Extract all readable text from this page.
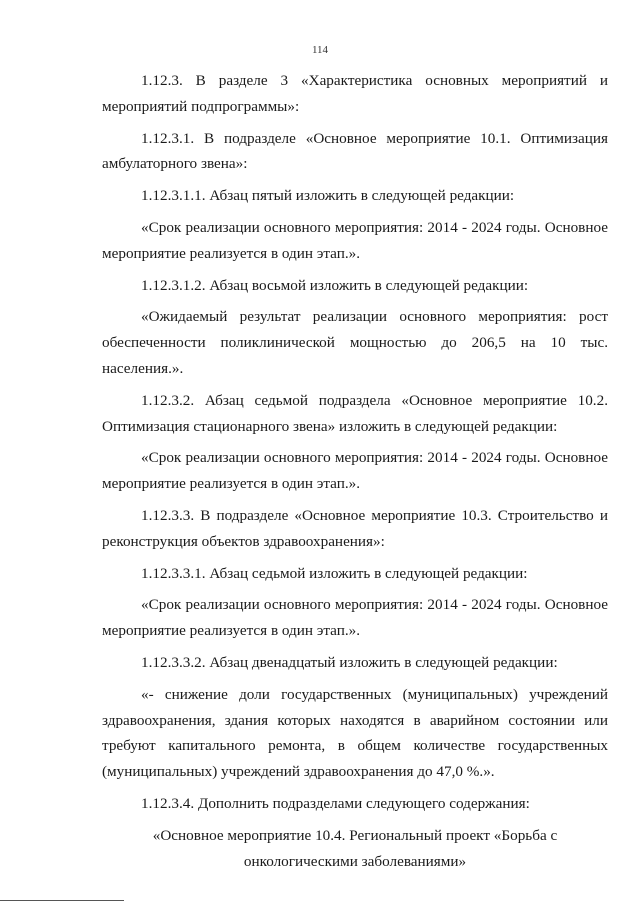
114

1.12.3. В разделе 3 «Характеристика основных мероприятий и мероприятий подпрограммы»:

1.12.3.1. В подразделе «Основное мероприятие 10.1. Оптимизация амбулаторного звена»:

1.12.3.1.1. Абзац пятый изложить в следующей редакции:

«Срок реализации основного мероприятия: 2014 - 2024 годы. Основное мероприятие реализуется в один этап.».

1.12.3.1.2. Абзац восьмой изложить в следующей редакции:

«Ожидаемый результат реализации основного мероприятия: рост обеспеченности поликлинической мощностью до 206,5 на 10 тыс. населения.».

1.12.3.2. Абзац седьмой подраздела «Основное мероприятие 10.2. Оптимизация стационарного звена» изложить в следующей редакции:

«Срок реализации основного мероприятия: 2014 - 2024 годы. Основное мероприятие реализуется в один этап.».

1.12.3.3. В подразделе «Основное мероприятие 10.3. Строительство и реконструкция объектов здравоохранения»:

1.12.3.3.1. Абзац седьмой изложить в следующей редакции:

«Срок реализации основного мероприятия: 2014 - 2024 годы. Основное мероприятие реализуется в один этап.».

1.12.3.3.2. Абзац двенадцатый изложить в следующей редакции:

«- снижение доли государственных (муниципальных) учреждений здравоохранения, здания которых находятся в аварийном состоянии или требуют капитального ремонта, в общем количестве государственных (муниципальных) учреждений здравоохранения до 47,0 %.».

1.12.3.4. Дополнить подразделами следующего содержания:

«Основное мероприятие 10.4. Региональный проект «Борьба с
онкологическими заболеваниями»
